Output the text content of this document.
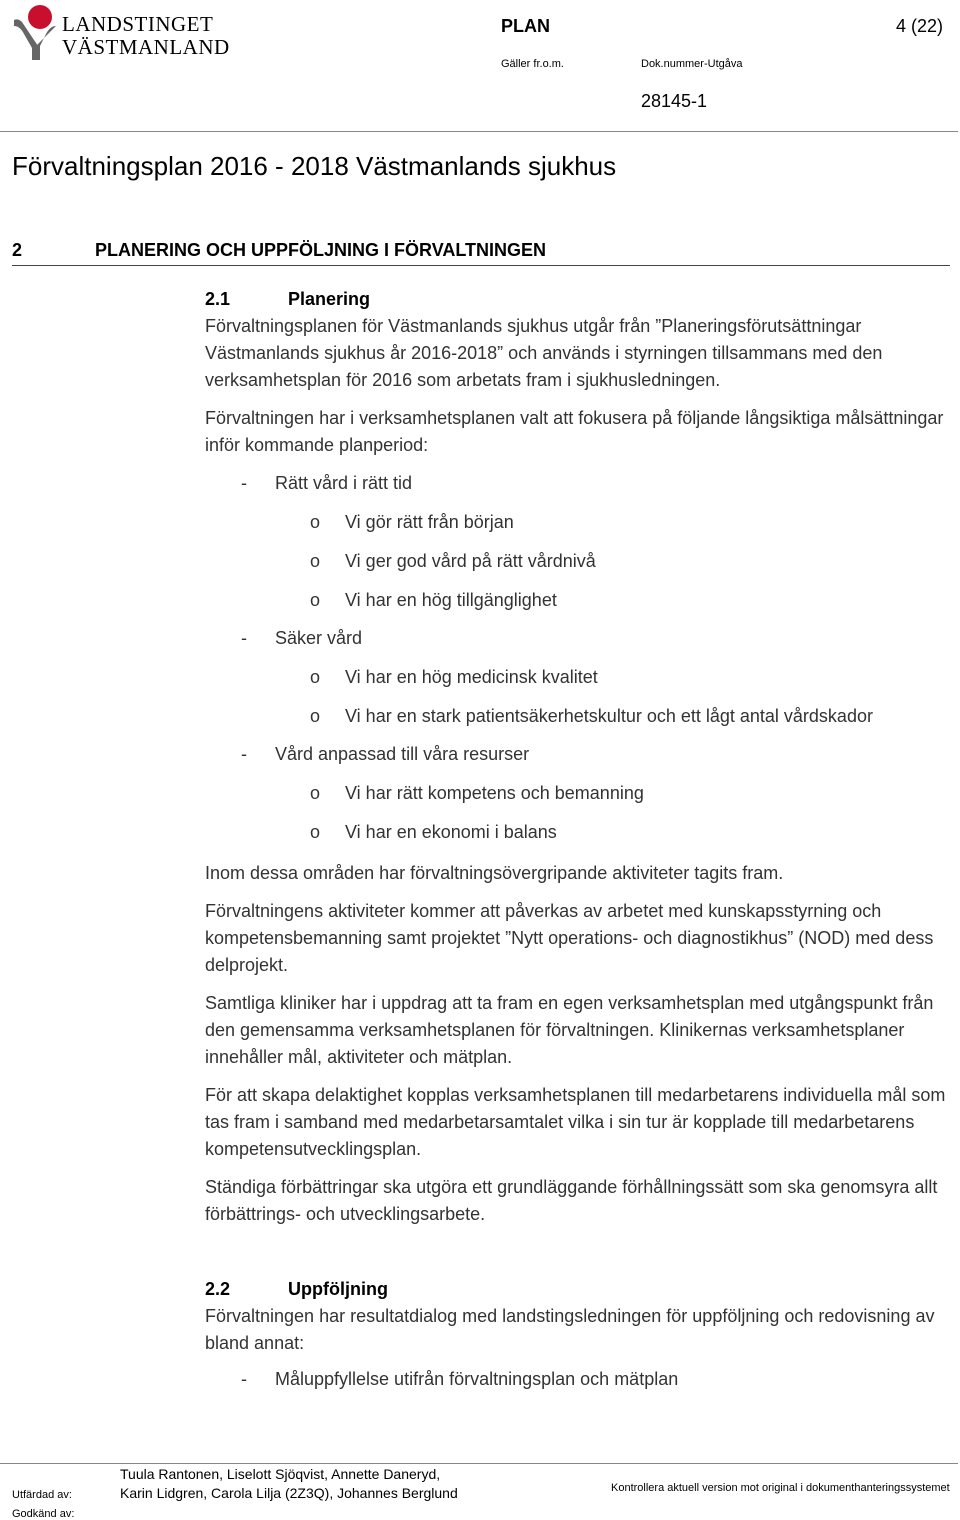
LANDSTINGET
VÄSTMANLAND
PLAN	4 (22)
Gäller fr.o.m.	Dok.nummer-Utgåva
28145-1
Förvaltningsplan 2016 - 2018 Västmanlands sjukhus
2	PLANERING OCH UPPFÖLJNING I FÖRVALTNINGEN
2.1	Planering

Förvaltningsplanen för Västmanlands sjukhus utgår från ”Planeringsförutsättningar Västmanlands sjukhus år 2016-2018” och används i styrningen tillsammans med den verksamhetsplan för 2016 som arbetats fram i sjukhusledningen.

Förvaltningen har i verksamhetsplanen valt att fokusera på följande långsiktiga målsättningar inför kommande planperiod:

- Rätt vård i rätt tid
o Vi gör rätt från början
o Vi ger god vård på rätt vårdnivå
o Vi har en hög tillgänglighet
- Säker vård
o Vi har en hög medicinsk kvalitet
o Vi har en stark patientsäkerhetskultur och ett lågt antal vårdskador
- Vård anpassad till våra resurser
o Vi har rätt kompetens och bemanning
o Vi har en ekonomi i balans

Inom dessa områden har förvaltningsövergripande aktiviteter tagits fram.

Förvaltningens aktiviteter kommer att påverkas av arbetet med kunskapsstyrning och kompetensbemanning samt projektet ”Nytt operations- och diagnostikhus” (NOD) med dess delprojekt.

Samtliga kliniker har i uppdrag att ta fram en egen verksamhetsplan med utgångspunkt från den gemensamma verksamhetsplanen för förvaltningen. Klinikernas verksamhetsplaner innehåller mål, aktiviteter och mätplan.

För att skapa delaktighet kopplas verksamhetsplanen till medarbetarens individuella mål som tas fram i samband med medarbetarsamtalet vilka i sin tur är kopplade till medarbetarens kompetensutvecklingsplan.

Ständiga förbättringar ska utgöra ett grundläggande förhållningssätt som ska genomsyra allt förbättrings- och utvecklingsarbete.

2.2	Uppföljning

Förvaltningen har resultatdialog med landstingsledningen för uppföljning och redovisning av bland annat:

- Måluppfyllelse utifrån förvaltningsplan och mätplan
Utfärdad av:
Godkänd av:
Tuula Rantonen, Liselott Sjöqvist, Annette Daneryd,
Karin Lidgren, Carola Lilja (2Z3Q), Johannes Berglund	Kontrollera aktuell version mot original i dokumenthanteringssystemet
